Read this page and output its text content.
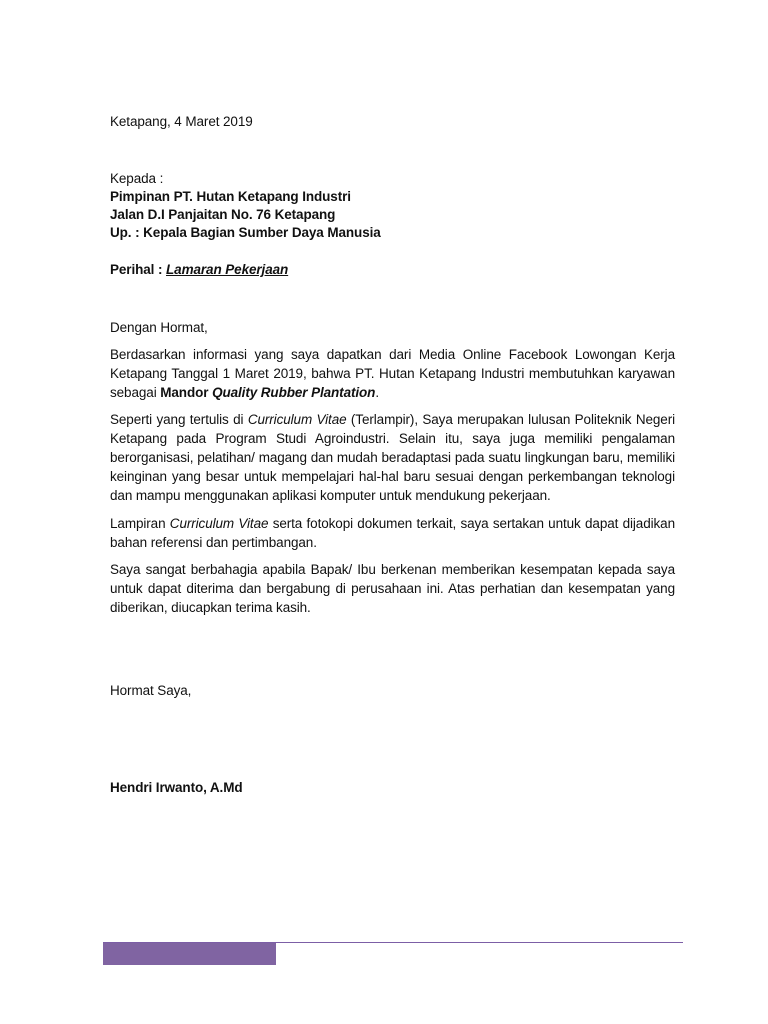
Ketapang, 4 Maret 2019
Kepada :
Pimpinan PT. Hutan Ketapang Industri
Jalan D.I Panjaitan No. 76 Ketapang
Up. : Kepala Bagian Sumber Daya Manusia
Perihal : Lamaran Pekerjaan
Dengan Hormat,

Berdasarkan informasi yang saya dapatkan dari Media Online Facebook Lowongan Kerja Ketapang Tanggal 1 Maret 2019, bahwa PT. Hutan Ketapang Industri membutuhkan karyawan sebagai Mandor Quality Rubber Plantation.

Seperti yang tertulis di Curriculum Vitae (Terlampir), Saya merupakan lulusan Politeknik Negeri Ketapang pada Program Studi Agroindustri. Selain itu, saya juga memiliki pengalaman berorganisasi, pelatihan/ magang dan mudah beradaptasi pada suatu lingkungan baru, memiliki keinginan yang besar untuk mempelajari hal-hal baru sesuai dengan perkembangan teknologi dan mampu menggunakan aplikasi komputer untuk mendukung pekerjaan.

Lampiran Curriculum Vitae serta fotokopi dokumen terkait, saya sertakan untuk dapat dijadikan bahan referensi dan pertimbangan.

Saya sangat berbahagia apabila Bapak/ Ibu berkenan memberikan kesempatan kepada saya untuk dapat diterima dan bergabung di perusahaan ini. Atas perhatian dan kesempatan yang diberikan, diucapkan terima kasih.

Hormat Saya,
Hendri Irwanto, A.Md
